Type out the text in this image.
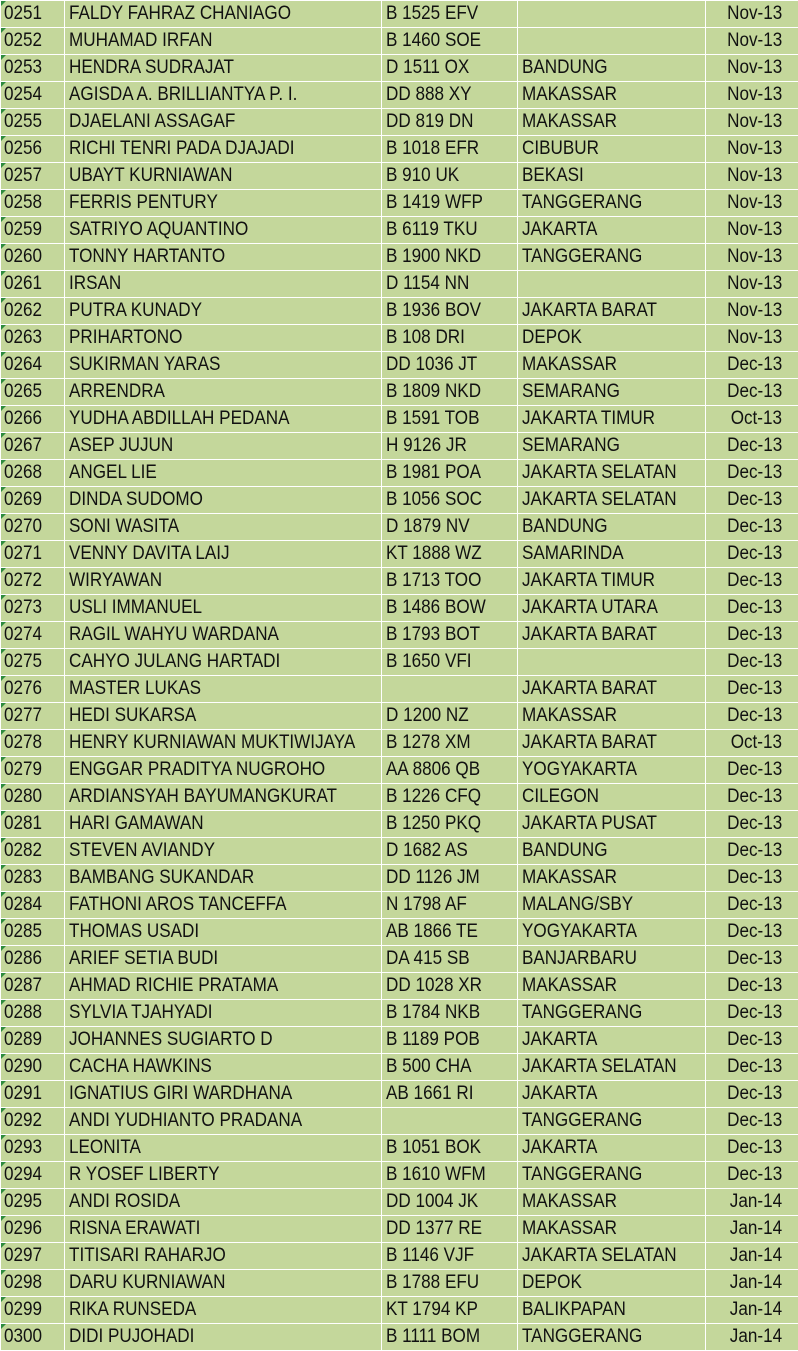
0251	FALDY FAHRAZ CHANIAGO	B 1525 EFV		Nov-13
0252	MUHAMAD IRFAN	B 1460 SOE		Nov-13
0253	HENDRA SUDRAJAT	D 1511 OX	BANDUNG	Nov-13
0254	AGISDA A. BRILLIANTYA P. I.	DD 888 XY	MAKASSAR	Nov-13
0255	DJAELANI ASSAGAF	DD 819 DN	MAKASSAR	Nov-13
0256	RICHI TENRI PADA DJAJADI	B 1018 EFR	CIBUBUR	Nov-13
0257	UBAYT KURNIAWAN	B 910 UK	BEKASI	Nov-13
0258	FERRIS PENTURY	B 1419 WFP	TANGGERANG	Nov-13
0259	SATRIYO AQUANTINO	B 6119 TKU	JAKARTA	Nov-13
0260	TONNY HARTANTO	B 1900 NKD	TANGGERANG	Nov-13
0261	IRSAN	D 1154 NN		Nov-13
0262	PUTRA KUNADY	B 1936 BOV	JAKARTA BARAT	Nov-13
0263	PRIHARTONO	B 108 DRI	DEPOK	Nov-13
0264	SUKIRMAN YARAS	DD 1036 JT	MAKASSAR	Dec-13
0265	ARRENDRA	B 1809 NKD	SEMARANG	Dec-13
0266	YUDHA ABDILLAH PEDANA	B 1591 TOB	JAKARTA TIMUR	Oct-13
0267	ASEP JUJUN	H 9126 JR	SEMARANG	Dec-13
0268	ANGEL LIE	B 1981 POA	JAKARTA SELATAN	Dec-13
0269	DINDA SUDOMO	B 1056 SOC	JAKARTA SELATAN	Dec-13
0270	SONI WASITA	D 1879 NV	BANDUNG	Dec-13
0271	VENNY DAVITA LAIJ	KT 1888 WZ	SAMARINDA	Dec-13
0272	WIRYAWAN	B 1713 TOO	JAKARTA TIMUR	Dec-13
0273	USLI IMMANUEL	B 1486 BOW	JAKARTA UTARA	Dec-13
0274	RAGIL WAHYU WARDANA	B 1793 BOT	JAKARTA BARAT	Dec-13
0275	CAHYO JULANG HARTADI	B 1650 VFI		Dec-13
0276	MASTER LUKAS		JAKARTA BARAT	Dec-13
0277	HEDI SUKARSA	D 1200 NZ	MAKASSAR	Dec-13
0278	HENRY KURNIAWAN MUKTIWIJAYA	B 1278 XM	JAKARTA BARAT	Oct-13
0279	ENGGAR PRADITYA NUGROHO	AA 8806 QB	YOGYAKARTA	Dec-13
0280	ARDIANSYAH BAYUMANGKURAT	B 1226 CFQ	CILEGON	Dec-13
0281	HARI GAMAWAN	B 1250 PKQ	JAKARTA PUSAT	Dec-13
0282	STEVEN AVIANDY	D 1682 AS	BANDUNG	Dec-13
0283	BAMBANG SUKANDAR	DD 1126 JM	MAKASSAR	Dec-13
0284	FATHONI AROS TANCEFFA	N 1798 AF	MALANG/SBY	Dec-13
0285	THOMAS USADI	AB 1866 TE	YOGYAKARTA	Dec-13
0286	ARIEF SETIA BUDI	DA 415 SB	BANJARBARU	Dec-13
0287	AHMAD RICHIE PRATAMA	DD 1028 XR	MAKASSAR	Dec-13
0288	SYLVIA TJAHYADI	B 1784 NKB	TANGGERANG	Dec-13
0289	JOHANNES SUGIARTO D	B 1189 POB	JAKARTA	Dec-13
0290	CACHA HAWKINS	B 500 CHA	JAKARTA SELATAN	Dec-13
0291	IGNATIUS GIRI WARDHANA	AB 1661 RI	JAKARTA	Dec-13
0292	ANDI YUDHIANTO PRADANA		TANGGERANG	Dec-13
0293	LEONITA	B 1051 BOK	JAKARTA	Dec-13
0294	R YOSEF LIBERTY	B 1610 WFM	TANGGERANG	Dec-13
0295	ANDI ROSIDA	DD 1004 JK	MAKASSAR	Jan-14
0296	RISNA ERAWATI	DD 1377 RE	MAKASSAR	Jan-14
0297	TITISARI RAHARJO	B 1146 VJF	JAKARTA SELATAN	Jan-14
0298	DARU KURNIAWAN	B 1788 EFU	DEPOK	Jan-14
0299	RIKA RUNSEDA	KT 1794 KP	BALIKPAPAN	Jan-14
0300	DIDI PUJOHADI	B 1111 BOM	TANGGERANG	Jan-14
